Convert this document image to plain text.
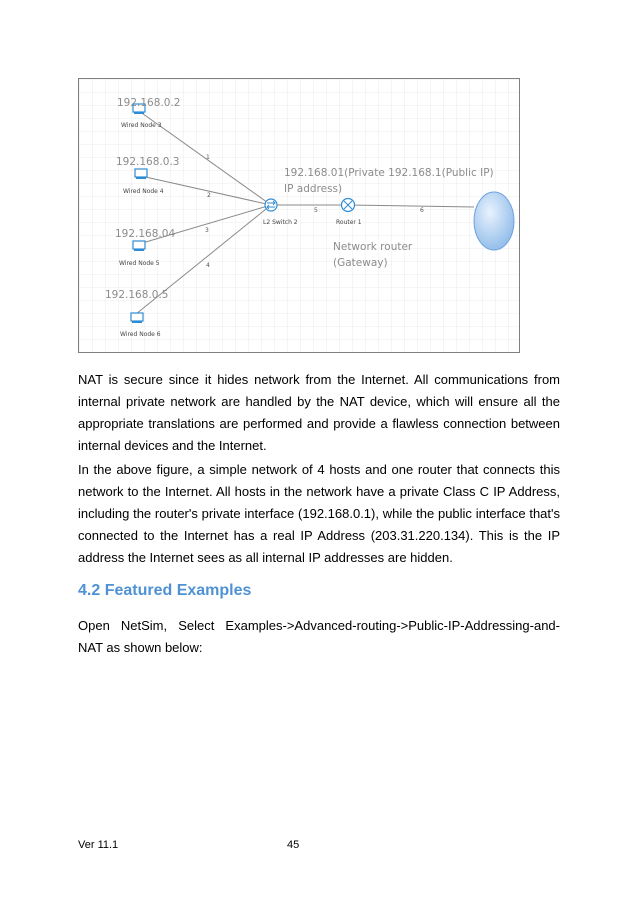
1
2
3
4
5	6
192.168.0.2
Wired Node 3
192.168.0.3
Wired Node 4
192.168.04
Wired Node 5
192.168.0.5
Wired Node 6
L2 Switch 2	Router 1
192.168.01(Private 192.168.1(Public IP)
IP address)
Network router
(Gateway)

NAT is secure since it hides network from the Internet. All communications from internal private network are handled by the NAT device, which will ensure all the appropriate translations are performed and provide a flawless connection between internal devices and the Internet.

In the above figure, a simple network of 4 hosts and one router that connects this network to the Internet. All hosts in the network have a private Class C IP Address, including the router's private interface (192.168.0.1), while the public interface that's connected to the Internet has a real IP Address (203.31.220.134). This is the IP address the Internet sees as all internal IP addresses are hidden.

4.2 Featured Examples

Open NetSim, Select Examples->Advanced-routing->Public-IP-Addressing-and-NAT as shown below:

Ver 11.1	45
